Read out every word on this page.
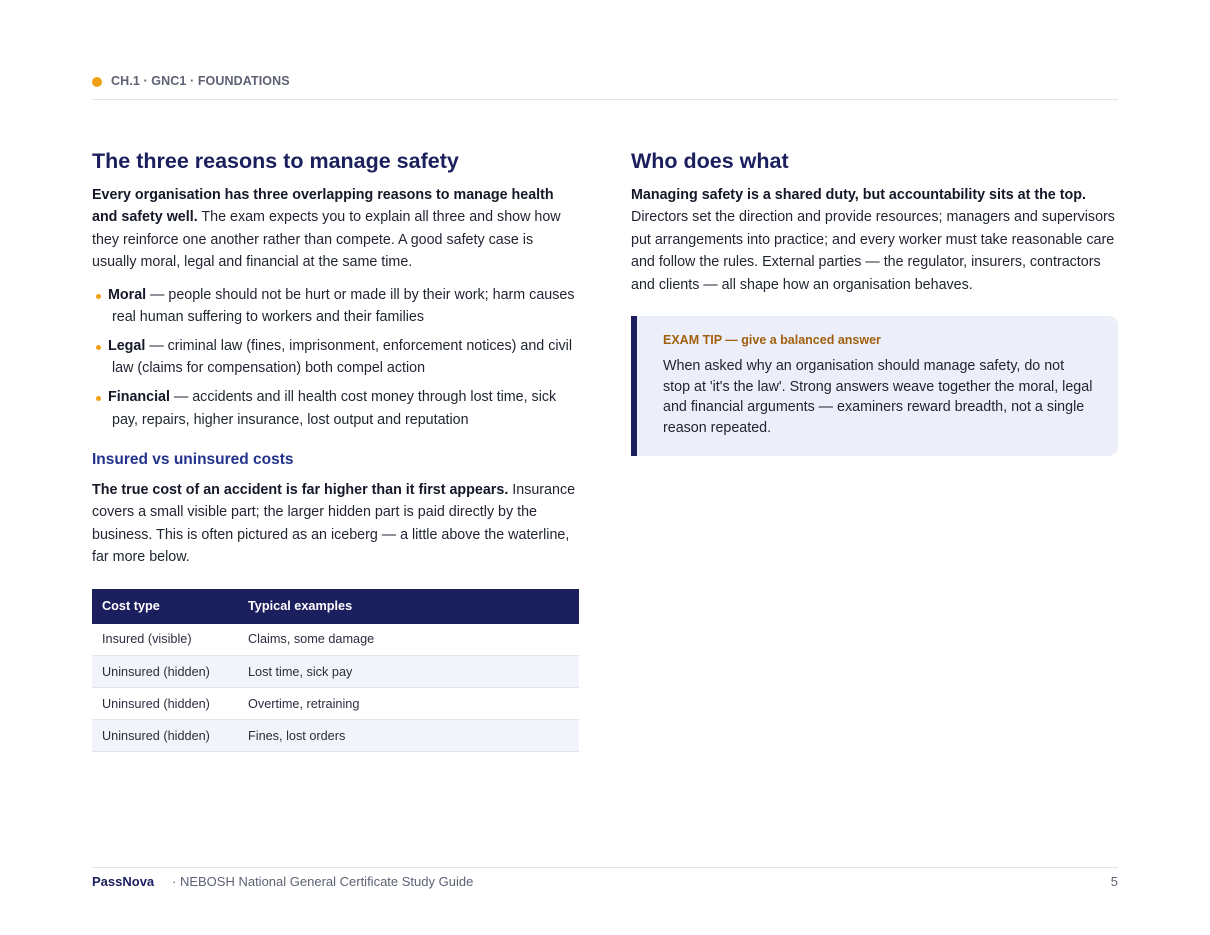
CH.1 · GNC1 · FOUNDATIONS
The three reasons to manage safety

Every organisation has three overlapping reasons to manage health and safety well. The exam expects you to explain all three and show how they reinforce one another rather than compete. A good safety case is usually moral, legal and financial at the same time.

Moral — people should not be hurt or made ill by their work; harm causes real human suffering to workers and their families
Legal — criminal law (fines, imprisonment, enforcement notices) and civil law (claims for compensation) both compel action
Financial — accidents and ill health cost money through lost time, sick pay, repairs, higher insurance, lost output and reputation
Insured vs uninsured costs

The true cost of an accident is far higher than it first appears. Insurance covers a small visible part; the larger hidden part is paid directly by the business. This is often pictured as an iceberg — a little above the waterline, far more below.

Cost type	Typical examples
Insured (visible)	Claims, some damage
Uninsured (hidden)	Lost time, sick pay
Uninsured (hidden)	Overtime, retraining
Uninsured (hidden)	Fines, lost orders
Who does what

Managing safety is a shared duty, but accountability sits at the top. Directors set the direction and provide resources; managers and supervisors put arrangements into practice; and every worker must take reasonable care and follow the rules. External parties — the regulator, insurers, contractors and clients — all shape how an organisation behaves.

EXAM TIP — give a balanced answer
When asked why an organisation should manage safety, do not stop at 'it's the law'. Strong answers weave together the moral, legal and financial arguments — examiners reward breadth, not a single reason repeated.
PassNova · NEBOSH National General Certificate Study Guide	5
